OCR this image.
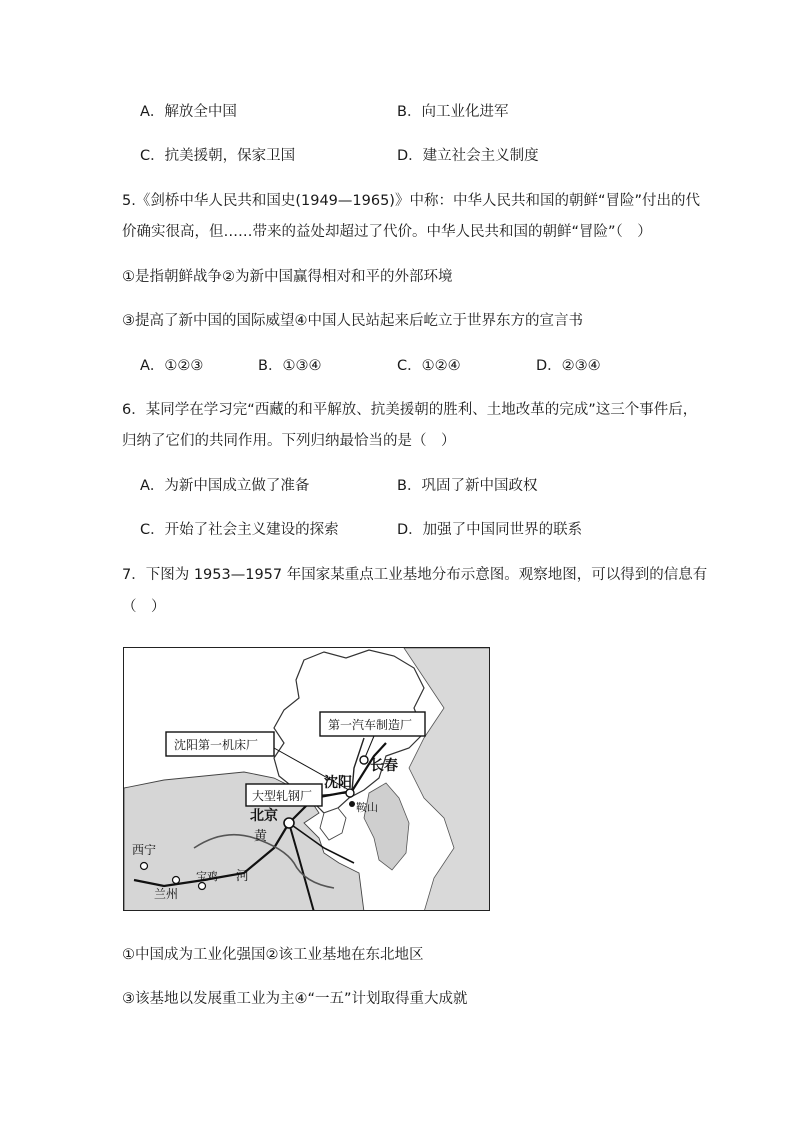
A．解放全中国	B．向工业化进军
C．抗美援朝，保家卫国	D．建立社会主义制度
5.《剑桥中华人民共和国史(1949—1965)》中称：中华人民共和国的朝鲜“冒险”付出的代
价确实很高，但……带来的益处却超过了代价。中华人民共和国的朝鲜“冒险”（　）
①是指朝鲜战争②为新中国赢得相对和平的外部环境
③提高了新中国的国际威望④中国人民站起来后屹立于世界东方的宣言书
A．①②③	B．①③④	C．①②④	D．②③④
6．某同学在学习完“西藏的和平解放、抗美援朝的胜利、土地改革的完成”这三个事件后，
归纳了它们的共同作用。下列归纳最恰当的是（　）
A．为新中国成立做了准备	B．巩固了新中国政权
C．开始了社会主义建设的探索	D．加强了中国同世界的联系
7．下图为 1953—1957 年国家某重点工业基地分布示意图。观察地图，可以得到的信息有
（　）
第一汽车制造厂
沈阳第一机床厂
大型轧钢厂
长春
沈阳
鞍山
北京
西宁
兰州
宝鸡
黄
河
①中国成为工业化强国②该工业基地在东北地区
③该基地以发展重工业为主④“一五”计划取得重大成就
